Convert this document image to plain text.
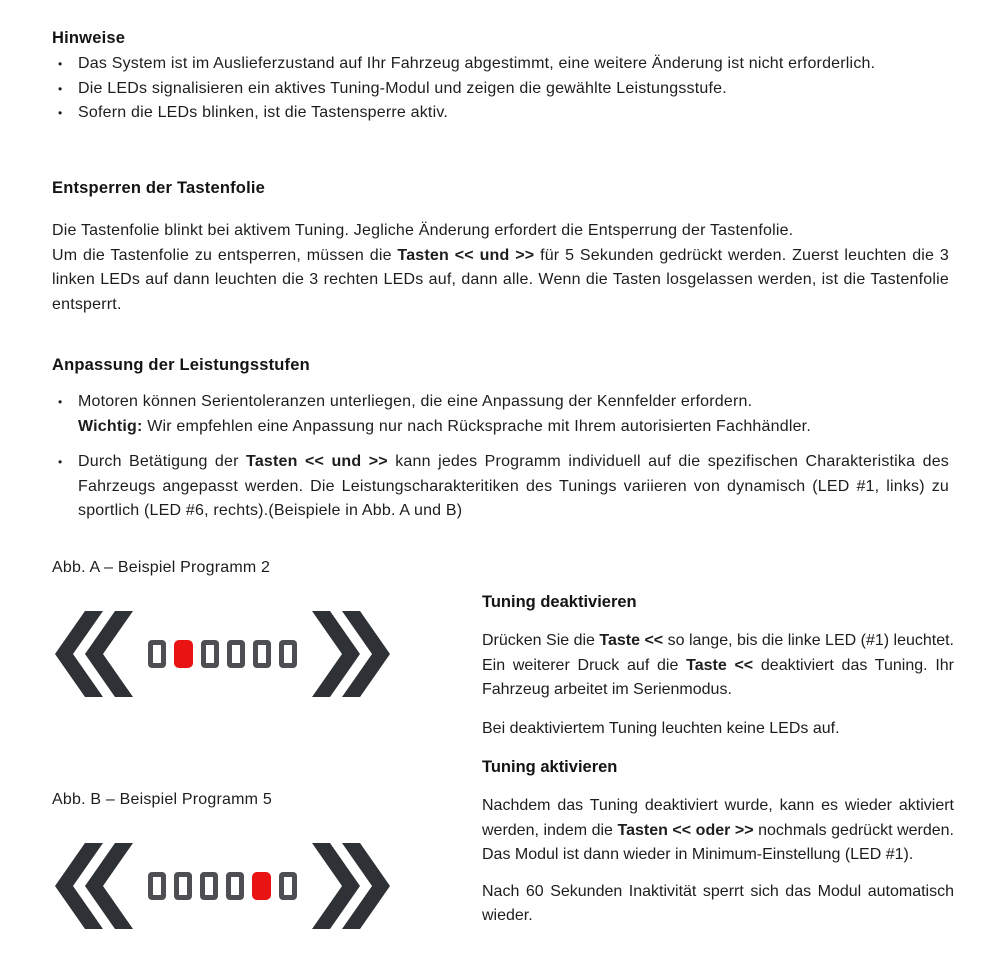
Hinweise
• Das System ist im Auslieferzustand auf Ihr Fahrzeug abgestimmt, eine weitere Änderung ist nicht erforderlich.
• Die LEDs signalisieren ein aktives Tuning-Modul und zeigen die gewählte Leistungsstufe.
• Sofern die LEDs blinken, ist die Tastensperre aktiv.
Entsperren der Tastenfolie
Die Tastenfolie blinkt bei aktivem Tuning. Jegliche Änderung erfordert die Entsperrung der Tastenfolie.
Um die Tastenfolie zu entsperren, müssen die Tasten << und >> für 5 Sekunden gedrückt werden. Zuerst leuchten die 3 linken LEDs auf dann leuchten die 3 rechten LEDs auf, dann alle. Wenn die Tasten losgelassen werden, ist die Tastenfolie entsperrt.
Anpassung der Leistungsstufen
• Motoren können Serientoleranzen unterliegen, die eine Anpassung der Kennfelder erfordern.
Wichtig: Wir empfehlen eine Anpassung nur nach Rücksprache mit Ihrem autorisierten Fachhändler.
• Durch Betätigung der Tasten << und >> kann jedes Programm individuell auf die spezifischen Charakteristika des Fahrzeugs angepasst werden. Die Leistungscharakteritiken des Tunings variieren von dynamisch (LED #1, links) zu sportlich (LED #6, rechts).(Beispiele in Abb. A und B)
Abb. A – Beispiel Programm 2
Abb. B – Beispiel Programm 5
Tuning deaktivieren

Drücken Sie die Taste << so lange, bis die linke LED (#1) leuchtet. Ein weiterer Druck auf die Taste << deaktiviert das Tuning. Ihr Fahrzeug arbeitet im Serienmodus.

Bei deaktiviertem Tuning leuchten keine LEDs auf.

Tuning aktivieren

Nachdem das Tuning deaktiviert wurde, kann es wieder aktiviert werden, indem die Tasten << oder >> nochmals gedrückt werden. Das Modul ist dann wieder in Minimum-Einstellung (LED #1).

Nach 60 Sekunden Inaktivität sperrt sich das Modul automatisch wieder.
